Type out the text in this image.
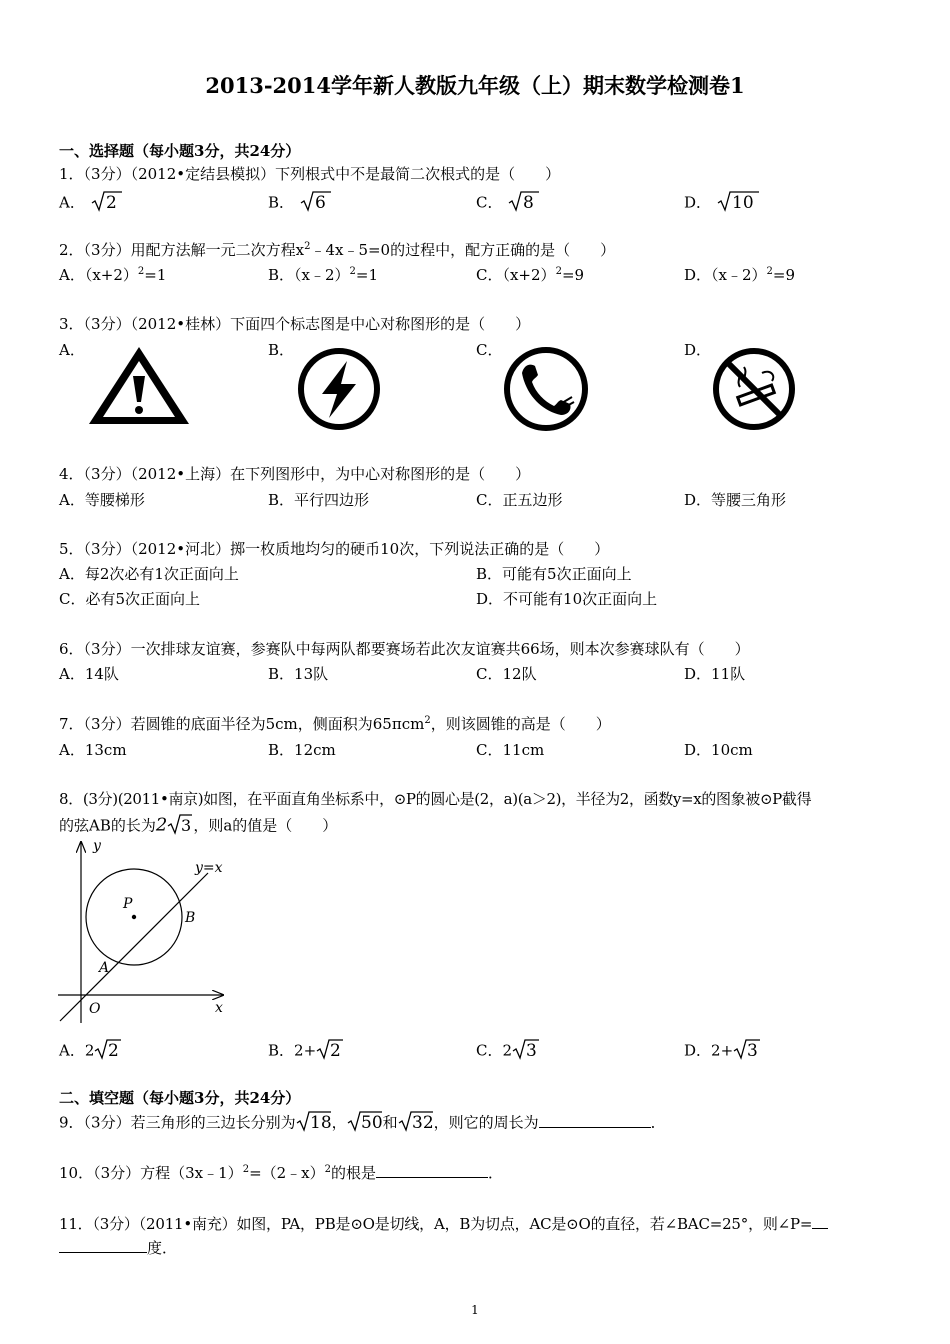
2013-2014学年新人教版九年级（上）期末数学检测卷1
一、选择题（每小题3分，共24分）
1．（3分）（2012•定结县模拟）下列根式中不是最简二次根式的是（　　）
A． 2	B． 6	C． 8	D． 10
2．（3分）用配方法解一元二次方程$x^2﹣4x﹣5=0$的过程中，配方正确的是（　　）
A．$(x+2)^2=1$	B．（x﹣2）$^2$=1	C．$(x+2)^2=9$	D．（x﹣2）$^2$=9
3．（3分）（2012•桂林）下面四个标志图是中心对称图形的是（　　）
A．	B．	C．	D．
4．（3分）（2012•上海）在下列图形中，为中心对称图形的是（　　）
A．等腰梯形	B．平行四边形	C．正五边形	D．等腰三角形
5．（3分）（2012•河北）掷一枚质地均匀的硬币10次，下列说法正确的是（　　）
A．每2次必有1次正面向上	B．可能有5次正面向上
C．必有5次正面向上	D．不可能有10次正面向上
6．（3分）一次排球友谊赛，参赛队中每两队都要赛场若此次友谊赛共66场，则本次参赛球队有（　　）
A．14队	B．13队	C．12队	D．11队
7．（3分）若圆锥的底面半径为5cm，侧面积为65πcm$^2$，则该圆锥的高是（　　）
A．13cm	B．12cm	C．11cm	D．10cm
8．(3分)(2011•南京)如图，在平面直角坐标系中，⊙P的圆心是(2，a)(a＞2)，半径为2，函数y=x的图象被⊙P截得
的弦AB的长为2 3 ，则a的值是（　　）
y
y=x
P
B
A
O	x
A．2 2	B．2+ 2	C．2 3	D．2+ 3
二、填空题（每小题3分，共24分）
9．（3分）若三角形的三边长分别为 18 ， 50 和 32 ，则它的周长为	．
10．（3分）方程（3x﹣1）$^2$=（2﹣x）$^2$的根是	．
11．（3分）（2011•南充）如图，PA，PB是⊙O是切线，A，B为切点，AC是⊙O的直径，若∠BAC=25°，则∠P=
度．
1
